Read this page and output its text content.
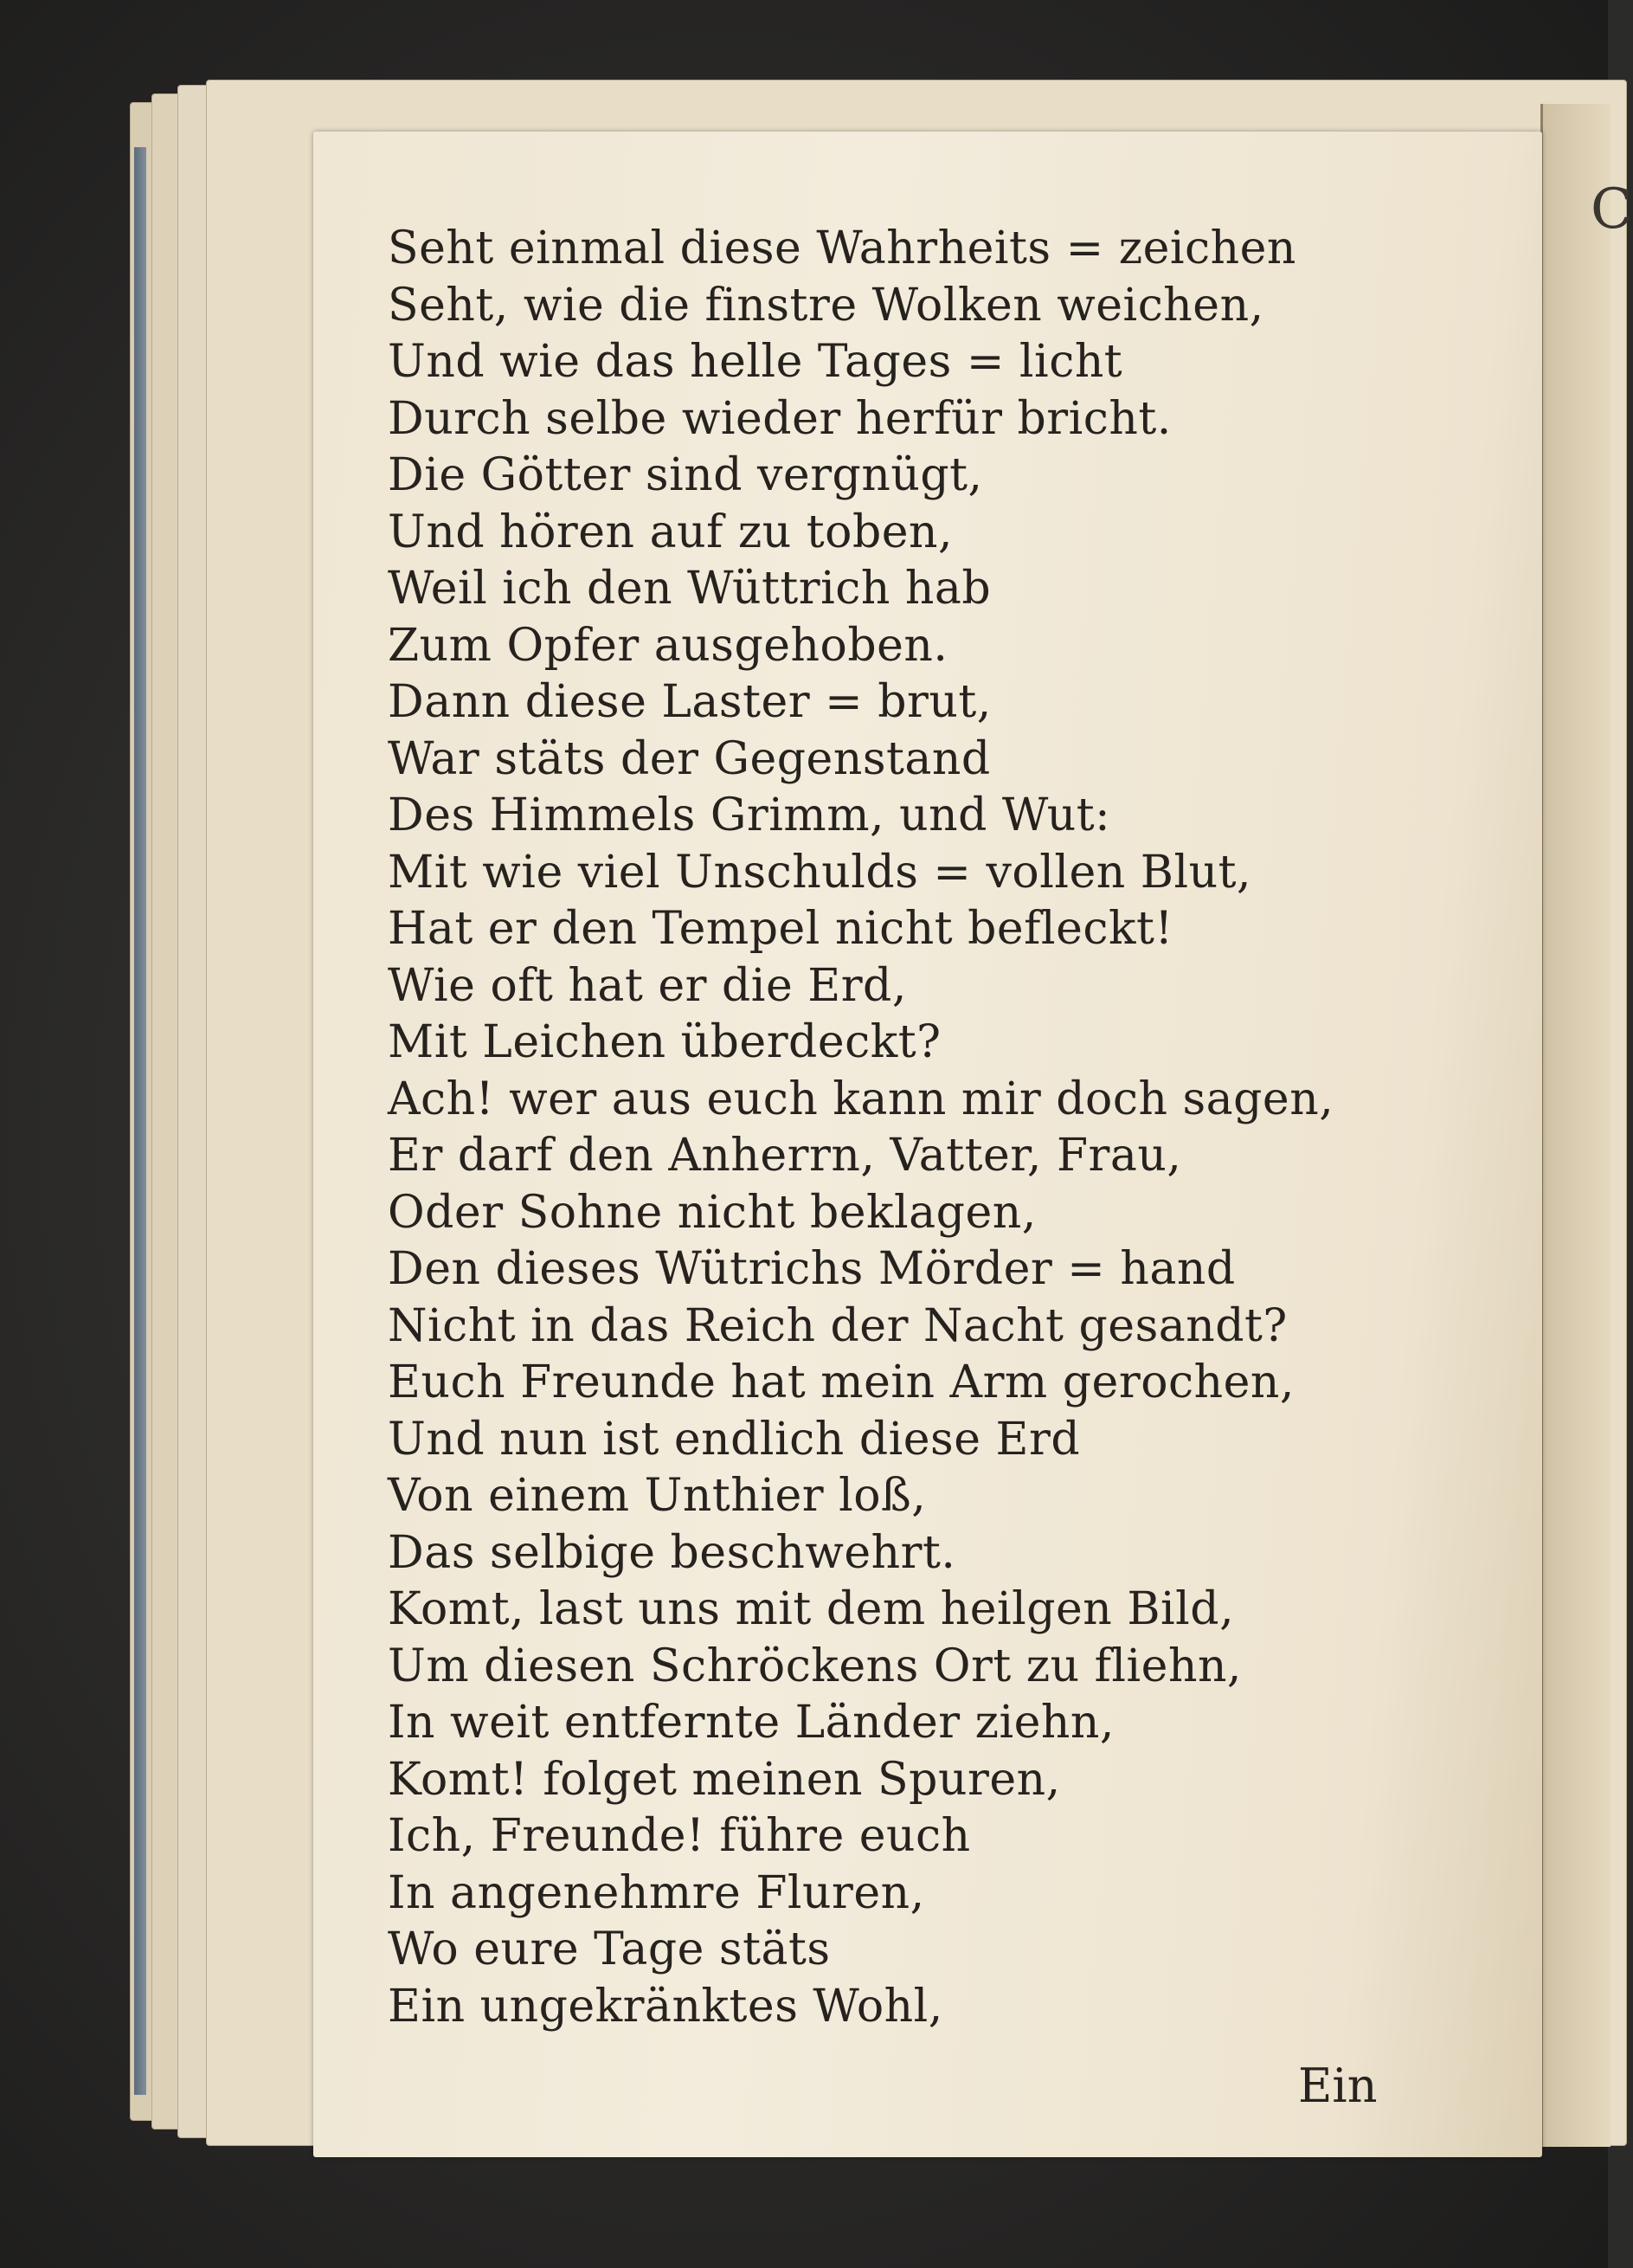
C
Seht einmal diese Wahrheits = zeichen
Seht, wie die finstre Wolken weichen,
Und wie das helle Tages = licht
Durch selbe wieder herfür bricht.
Die Götter sind vergnügt,
Und hören auf zu toben,
Weil ich den Wüttrich hab
Zum Opfer ausgehoben.
Dann diese Laster = brut,
War stäts der Gegenstand
Des Himmels Grimm, und Wut:
Mit wie viel Unschulds = vollen Blut,
Hat er den Tempel nicht befleckt!
Wie oft hat er die Erd,
Mit Leichen überdeckt?
Ach! wer aus euch kann mir doch sagen,
Er darf den Anherrn, Vatter, Frau,
Oder Sohne nicht beklagen,
Den dieses Wütrichs Mörder = hand
Nicht in das Reich der Nacht gesandt?
Euch Freunde hat mein Arm gerochen,
Und nun ist endlich diese Erd
Von einem Unthier loß,
Das selbige beschwehrt.
Komt, last uns mit dem heilgen Bild,
Um diesen Schröckens Ort zu fliehn,
In weit entfernte Länder ziehn,
Komt! folget meinen Spuren,
Ich, Freunde! führe euch
In angenehmre Fluren,
Wo eure Tage stäts
Ein ungekränktes Wohl,
Ein
